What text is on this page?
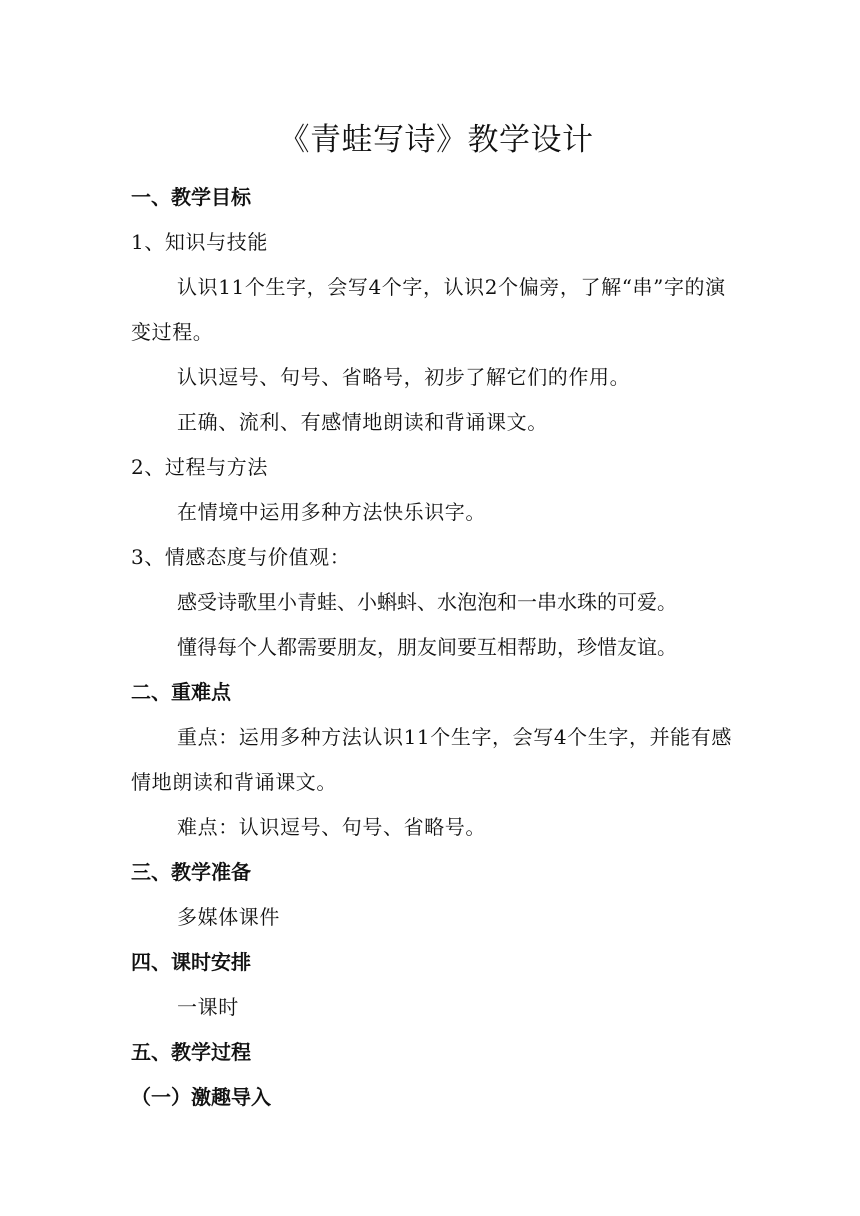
《青蛙写诗》教学设计
一、教学目标
1、知识与技能
认识11个生字，会写4个字，认识2个偏旁，了解“串”字的演变过程。
认识逗号、句号、省略号，初步了解它们的作用。
正确、流利、有感情地朗读和背诵课文。
2、过程与方法
在情境中运用多种方法快乐识字。
3、情感态度与价值观：
感受诗歌里小青蛙、小蝌蚪、水泡泡和一串水珠的可爱。
懂得每个人都需要朋友，朋友间要互相帮助，珍惜友谊。
二、重难点
重点：运用多种方法认识11个生字，会写4个生字，并能有感情地朗读和背诵课文。
难点：认识逗号、句号、省略号。
三、教学准备
多媒体课件
四、课时安排
一课时
五、教学过程
（一）激趣导入
